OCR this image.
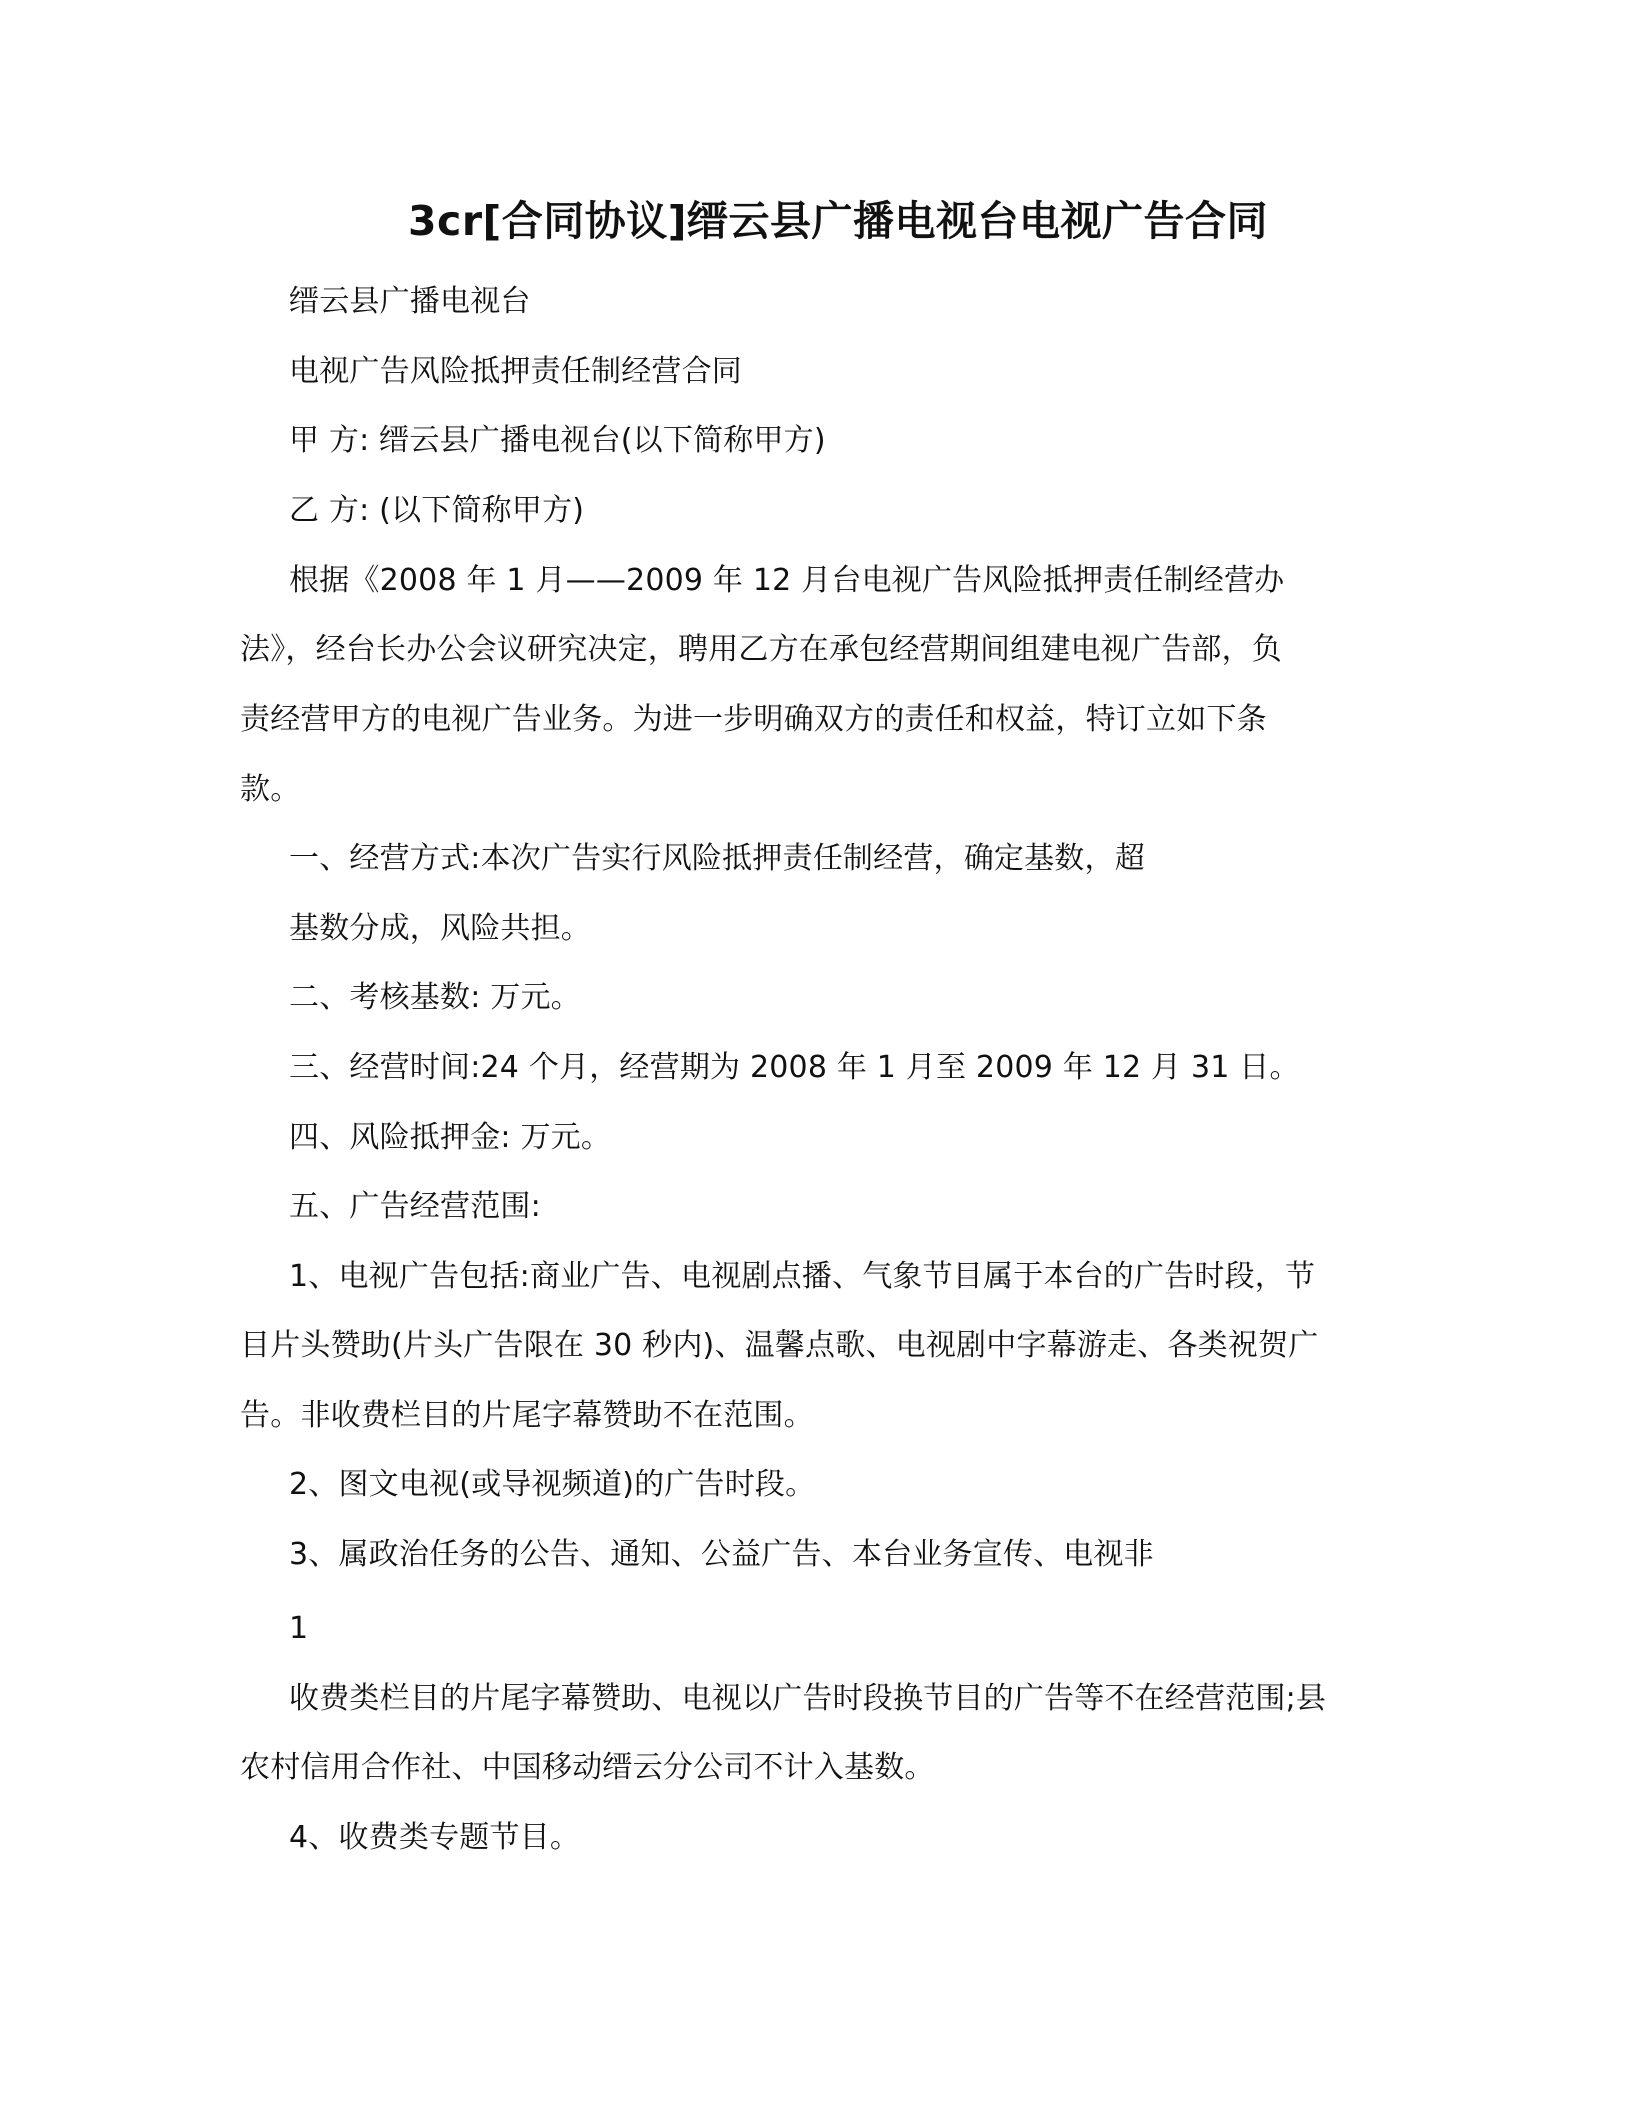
3cr[合同协议]缙云县广播电视台电视广告合同
缙云县广播电视台
电视广告风险抵押责任制经营合同
甲 方: 缙云县广播电视台(以下简称甲方)
乙 方: (以下简称甲方)
根据《2008 年 1 月——2009 年 12 月台电视广告风险抵押责任制经营办
法》，经台长办公会议研究决定，聘用乙方在承包经营期间组建电视广告部，负
责经营甲方的电视广告业务。为进一步明确双方的责任和权益，特订立如下条
款。
一、经营方式:本次广告实行风险抵押责任制经营，确定基数，超
基数分成，风险共担。
二、考核基数: 万元。
三、经营时间:24 个月，经营期为 2008 年 1 月至 2009 年 12 月 31 日。
四、风险抵押金: 万元。
五、广告经营范围:
1、电视广告包括:商业广告、电视剧点播、气象节目属于本台的广告时段，节
目片头赞助(片头广告限在 30 秒内)、温馨点歌、电视剧中字幕游走、各类祝贺广
告。非收费栏目的片尾字幕赞助不在范围。
2、图文电视(或导视频道)的广告时段。
3、属政治任务的公告、通知、公益广告、本台业务宣传、电视非
1
收费类栏目的片尾字幕赞助、电视以广告时段换节目的广告等不在经营范围;县
农村信用合作社、中国移动缙云分公司不计入基数。
4、收费类专题节目。
